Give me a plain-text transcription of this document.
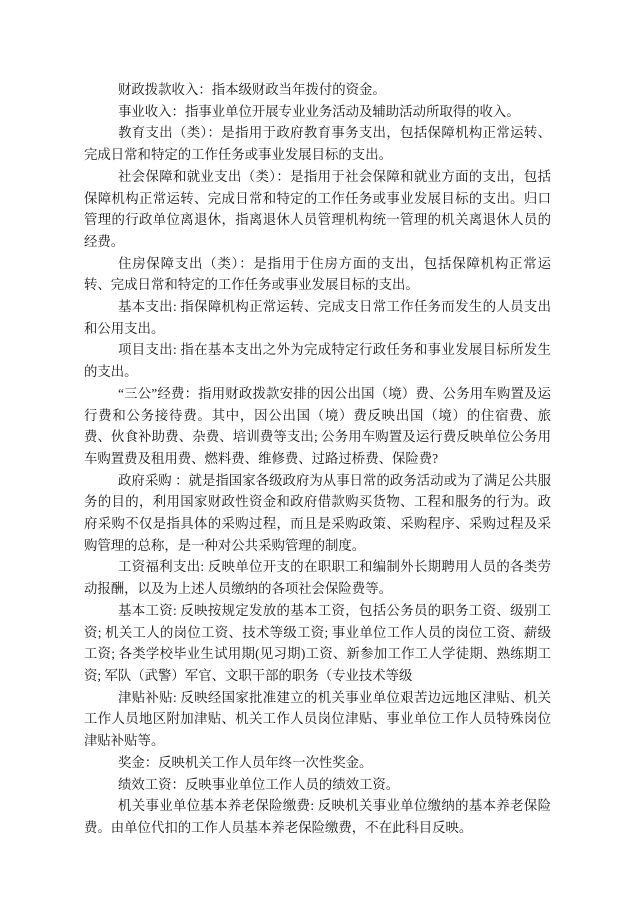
财政拨款收入：指本级财政当年拨付的资金。

事业收入：指事业单位开展专业业务活动及辅助活动所取得的收入。

教育支出（类）：是指用于政府教育事务支出，包括保障机构正常运转、完成日常和特定的工作任务或事业发展目标的支出。

社会保障和就业支出（类）：是指用于社会保障和就业方面的支出，包括保障机构正常运转、完成日常和特定的工作任务或事业发展目标的支出。归口管理的行政单位离退休，指离退休人员管理机构统一管理的机关离退休人员的经费。

住房保障支出（类）：是指用于住房方面的支出，包括保障机构正常运转、完成日常和特定的工作任务或事业发展目标的支出。

基本支出: 指保障机构正常运转、完成支日常工作任务而发生的人员支出和公用支出。

项目支出: 指在基本支出之外为完成特定行政任务和事业发展目标所发生的支出。

“三公”经费：指用财政拨款安排的因公出国（境）费、公务用车购置及运行费和公务接待费。其中，因公出国（境）费反映出国（境）的住宿费、旅费、伙食补助费、杂费、培训费等支出; 公务用车购置及运行费反映单位公务用车购置费及租用费、燃料费、维修费、过路过桥费、保险费?

政府采购 ：就是指国家各级政府为从事日常的政务活动或为了满足公共服务的目的，利用国家财政性资金和政府借款购买货物、工程和服务的行为。政府采购不仅是指具体的采购过程，而且是采购政策、采购程序、采购过程及采购管理的总称，是一种对公共采购管理的制度。

工资福利支出: 反映单位开支的在职职工和编制外长期聘用人员的各类劳动报酬，以及为上述人员缴纳的各项社会保险费等。

基本工资: 反映按规定发放的基本工资，包括公务员的职务工资、级别工资; 机关工人的岗位工资、技术等级工资; 事业单位工作人员的岗位工资、薪级工资; 各类学校毕业生试用期(见习期)工资、新参加工作工人学徒期、熟练期工资; 军队（武警）军官、文职干部的职务（专业技术等级

津贴补贴: 反映经国家批准建立的机关事业单位艰苦边远地区津贴、机关工作人员地区附加津贴、机关工作人员岗位津贴、事业单位工作人员特殊岗位津贴补贴等。

奖金：反映机关工作人员年终一次性奖金。

绩效工资：反映事业单位工作人员的绩效工资。

机关事业单位基本养老保险缴费: 反映机关事业单位缴纳的基本养老保险费。由单位代扣的工作人员基本养老保险缴费，不在此科目反映。
